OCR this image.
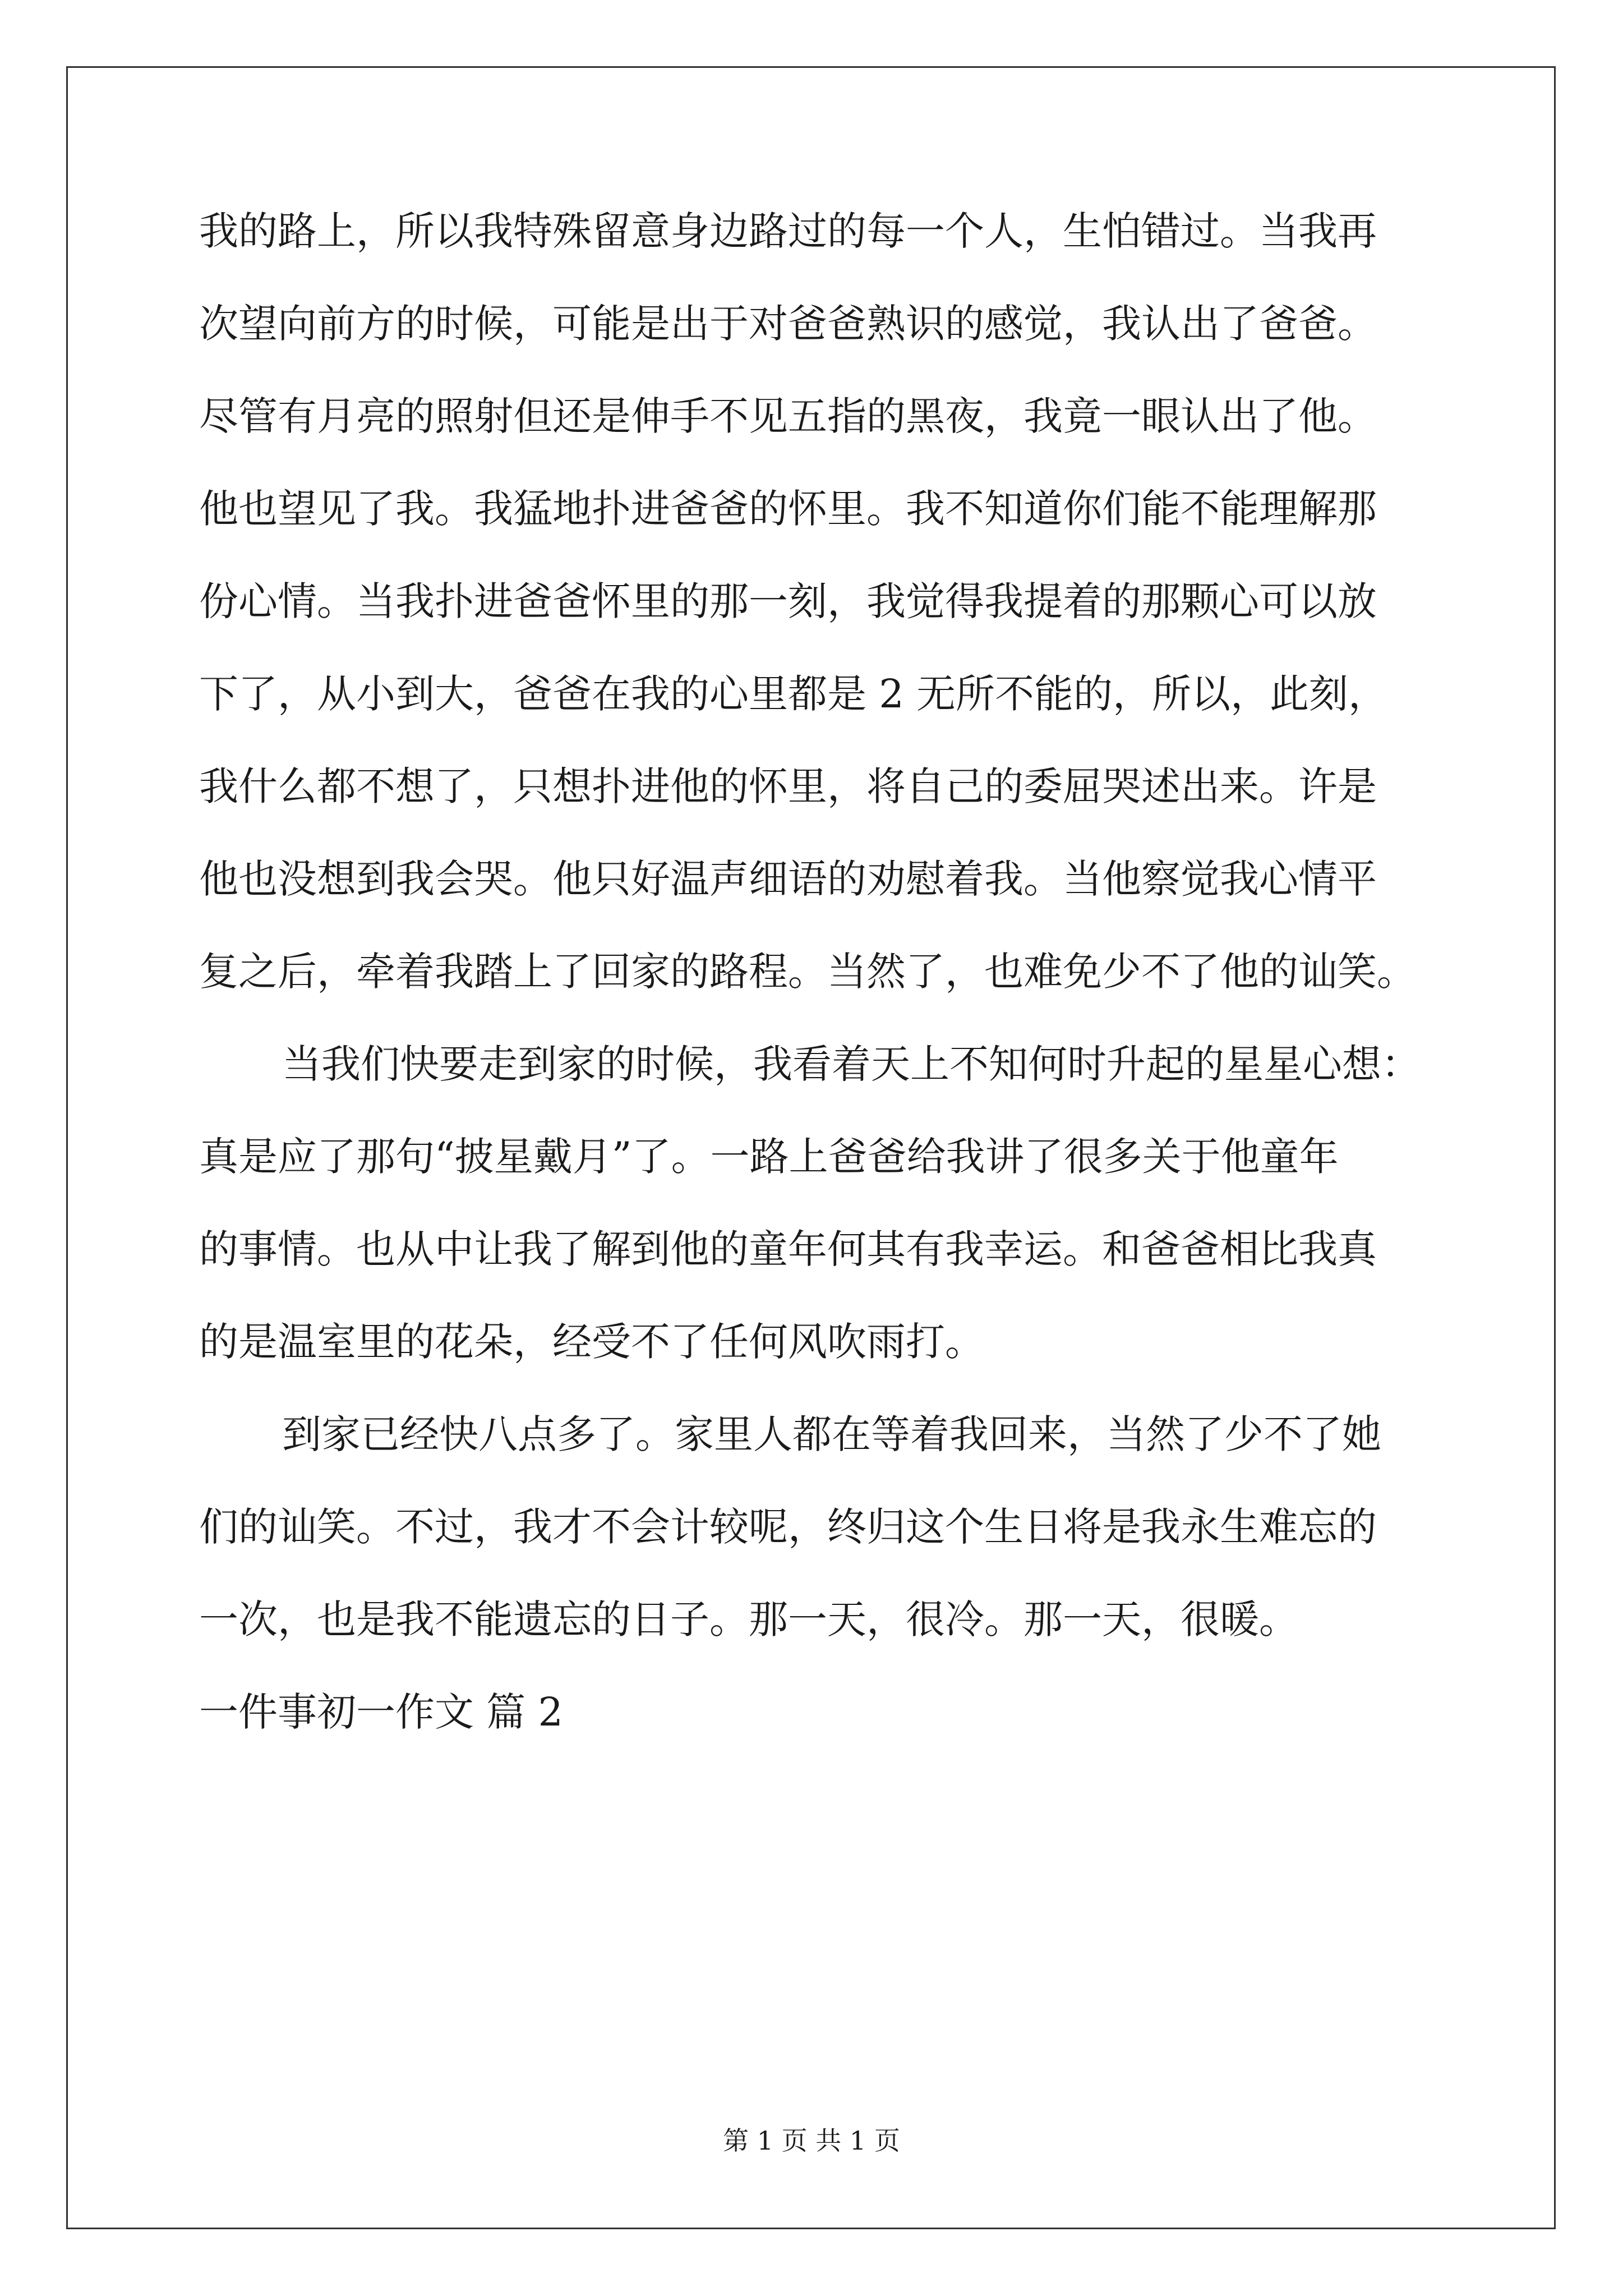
我的路上，所以我特殊留意身边路过的每一个人，生怕错过。当我再
次望向前方的时候，可能是出于对爸爸熟识的感觉，我认出了爸爸。
尽管有月亮的照射但还是伸手不见五指的黑夜，我竟一眼认出了他。
他也望见了我。我猛地扑进爸爸的怀里。我不知道你们能不能理解那
份心情。当我扑进爸爸怀里的那一刻，我觉得我提着的那颗心可以放
下了，从小到大，爸爸在我的心里都是 2 无所不能的，所以，此刻，
我什么都不想了，只想扑进他的怀里，将自己的委屈哭述出来。许是
他也没想到我会哭。他只好温声细语的劝慰着我。当他察觉我心情平
复之后，牵着我踏上了回家的路程。当然了，也难免少不了他的讪笑。
当我们快要走到家的时候，我看着天上不知何时升起的星星心想：
真是应了那句“披星戴月”了。一路上爸爸给我讲了很多关于他童年
的事情。也从中让我了解到他的童年何其有我幸运。和爸爸相比我真
的是温室里的花朵，经受不了任何风吹雨打。
到家已经快八点多了。家里人都在等着我回来，当然了少不了她
们的讪笑。不过，我才不会计较呢，终归这个生日将是我永生难忘的
一次，也是我不能遗忘的日子。那一天，很冷。那一天，很暖。
一件事初一作文 篇 2
第 1 页 共 1 页
